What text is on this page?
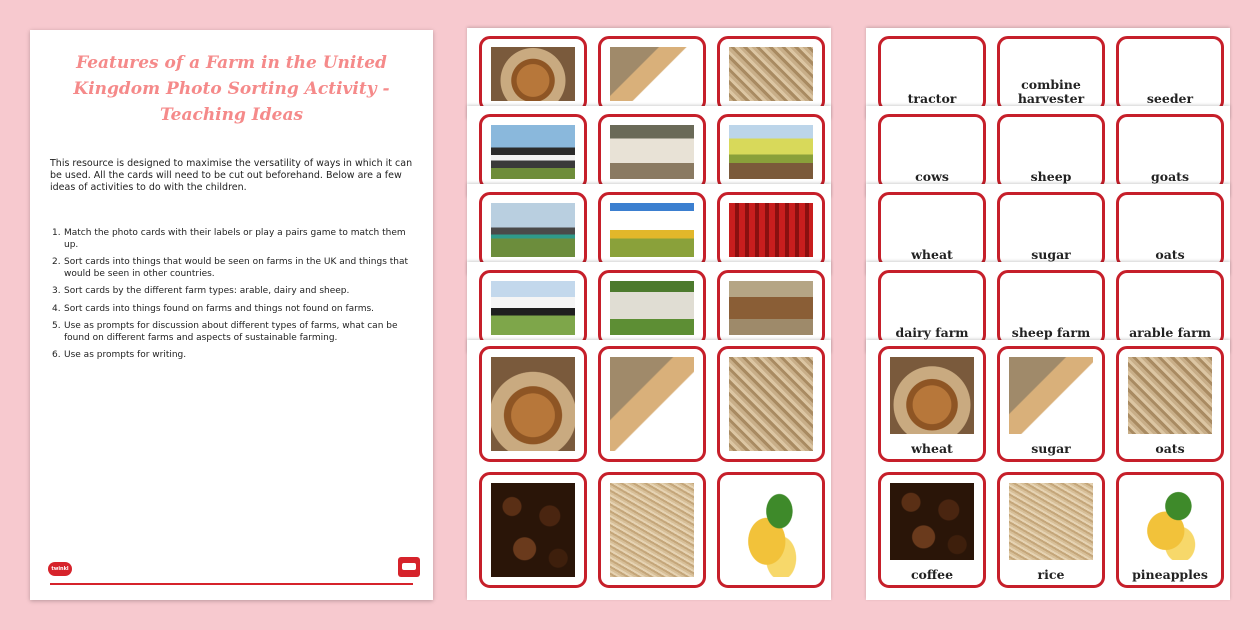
Features of a Farm in the United Kingdom Photo Sorting Activity - Teaching Ideas
This resource is designed to maximise the versatility of ways in which it can be used. All the cards will need to be cut out beforehand. Below are a few ideas of activities to do with the children.
1. Match the photo cards with their labels or play a pairs game to match them up.
2. Sort cards into things that would be seen on farms in the UK and things that would be seen in other countries.
3. Sort cards by the different farm types: arable, dairy and sheep.
4. Sort cards into things found on farms and things not found on farms.
5. Use as prompts for discussion about different types of farms, what can be found on different farms and aspects of sustainable farming.
6. Use as prompts for writing.
twinkl
tractor
combine harvester	seeder
cows	sheep	goats
wheat	sugar	oats
dairy farm	sheep farm	arable farm
wheat	sugar	oats
coffee	rice	pineapples
